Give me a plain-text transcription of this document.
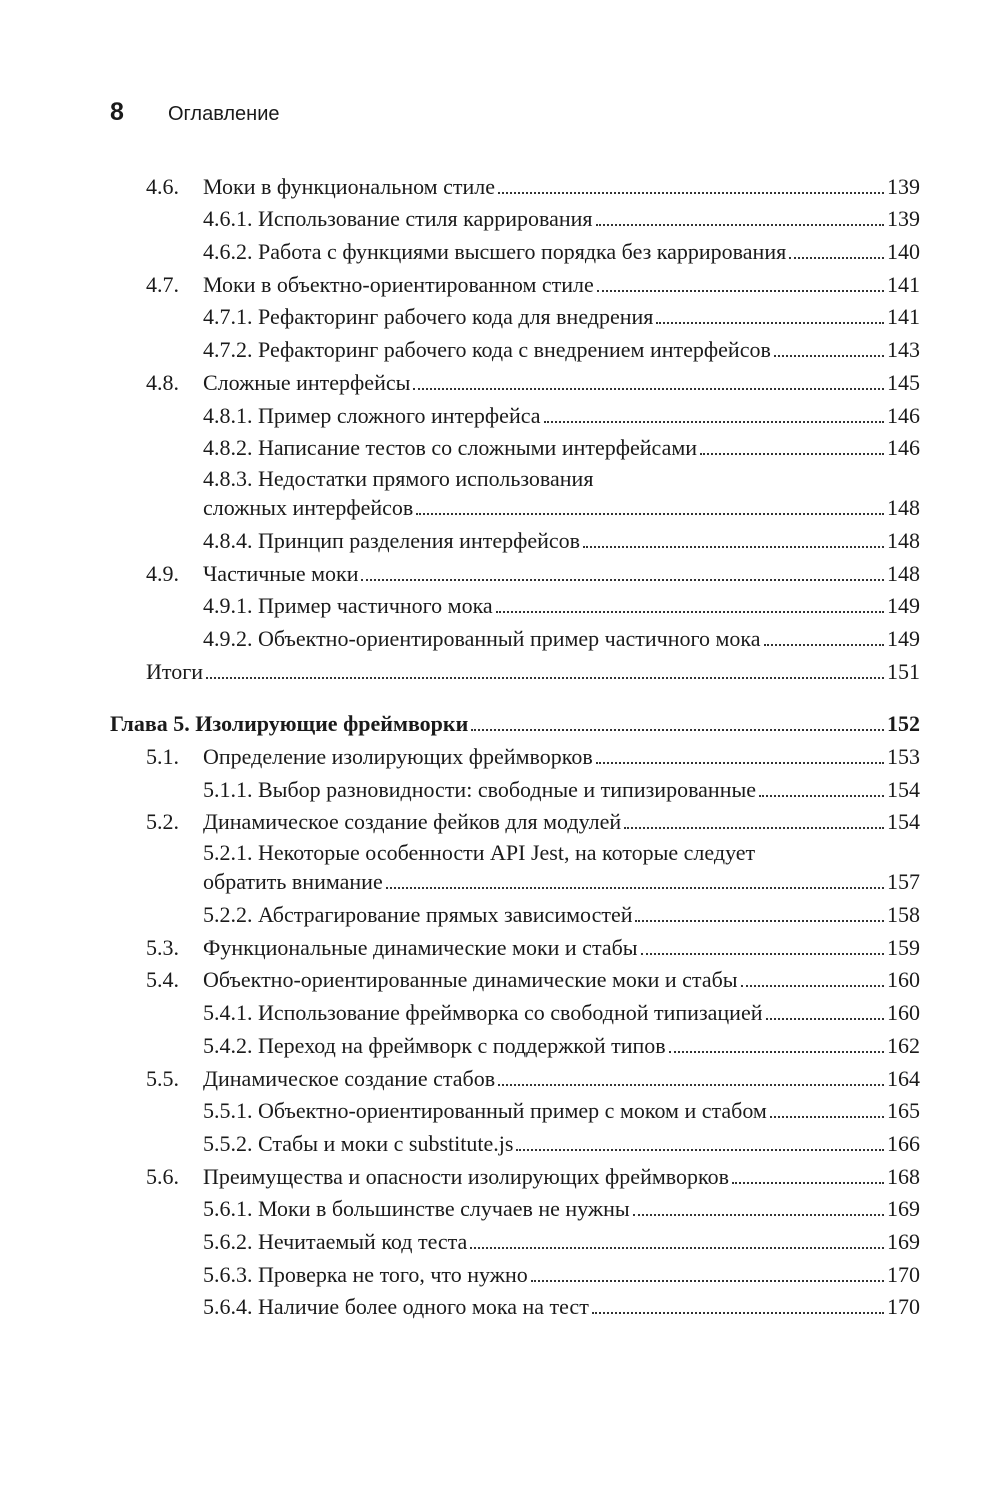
8	Оглавление
4.6. Моки в функциональном стиле	139
4.6.1. Использование стиля каррирования	139
4.6.2. Работа с функциями высшего порядка без каррирования	140
4.7. Моки в объектно-ориентированном стиле	141
4.7.1. Рефакторинг рабочего кода для внедрения	141
4.7.2. Рефакторинг рабочего кода с внедрением интерфейсов	143
4.8. Сложные интерфейсы	145
4.8.1. Пример сложного интерфейса	146
4.8.2. Написание тестов со сложными интерфейсами	146
4.8.3. Недостатки прямого использования
сложных интерфейсов	148
4.8.4. Принцип разделения интерфейсов	148
4.9. Частичные моки	148
4.9.1. Пример частичного мока	149
4.9.2. Объектно-ориентированный пример частичного мока	149
Итоги	151
Глава 5. Изолирующие фреймворки	152
5.1. Определение изолирующих фреймворков	153
5.1.1. Выбор разновидности: свободные и типизированные	154
5.2. Динамическое создание фейков для модулей	154
5.2.1. Некоторые особенности API Jest, на которые следует
обратить внимание	157
5.2.2. Абстрагирование прямых зависимостей	158
5.3. Функциональные динамические моки и стабы	159
5.4. Объектно-ориентированные динамические моки и стабы	160
5.4.1. Использование фреймворка со свободной типизацией	160
5.4.2. Переход на фреймворк с поддержкой типов	162
5.5. Динамическое создание стабов	164
5.5.1. Объектно-ориентированный пример с моком и стабом	165
5.5.2. Стабы и моки с substitute.js	166
5.6. Преимущества и опасности изолирующих фреймворков	168
5.6.1. Моки в большинстве случаев не нужны	169
5.6.2. Нечитаемый код теста	169
5.6.3. Проверка не того, что нужно	170
5.6.4. Наличие более одного мока на тест	170
